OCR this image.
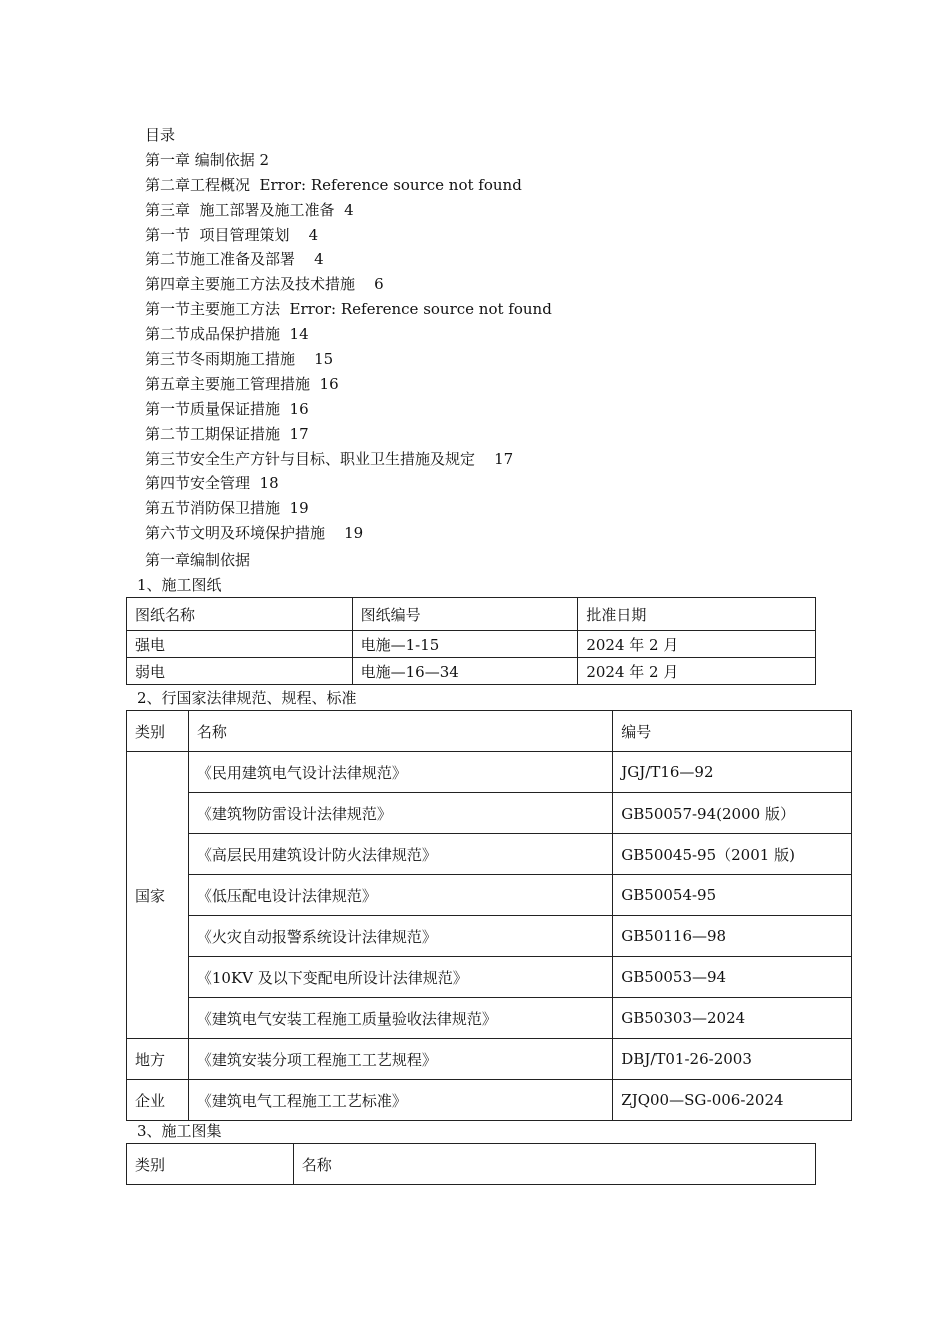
目录
第一章 编制依据 2
第二章工程概况  Error: Reference source not found
第三章  施工部署及施工准备  4
第一节  项目管理策划    4
第二节施工准备及部署    4
第四章主要施工方法及技术措施    6
第一节主要施工方法  Error: Reference source not found
第二节成品保护措施  14
第三节冬雨期施工措施    15
第五章主要施工管理措施  16
第一节质量保证措施  16
第二节工期保证措施  17
第三节安全生产方针与目标、职业卫生措施及规定    17
第四节安全管理  18
第五节消防保卫措施  19
第六节文明及环境保护措施    19
第一章编制依据
1、施工图纸
图纸名称	图纸编号	批准日期
强电	电施—1-15	2024 年 2 月
弱电	电施—16—34	2024 年 2 月
2、行国家法律规范、规程、标准
类别	名称	编号
国家	《民用建筑电气设计法律规范》	JGJ/T16—92
	《建筑物防雷设计法律规范》	GB50057-94(2000 版）
	《高层民用建筑设计防火法律规范》	GB50045-95（2001 版)
	《低压配电设计法律规范》	GB50054-95
	《火灾自动报警系统设计法律规范》	GB50116—98
	《10KV 及以下变配电所设计法律规范》	GB50053—94
	《建筑电气安装工程施工质量验收法律规范》	GB50303—2024
地方	《建筑安装分项工程施工工艺规程》	DBJ/T01-26-2003
企业	《建筑电气工程施工工艺标准》	ZJQ00—SG-006-2024
3、施工图集
类别	名称
